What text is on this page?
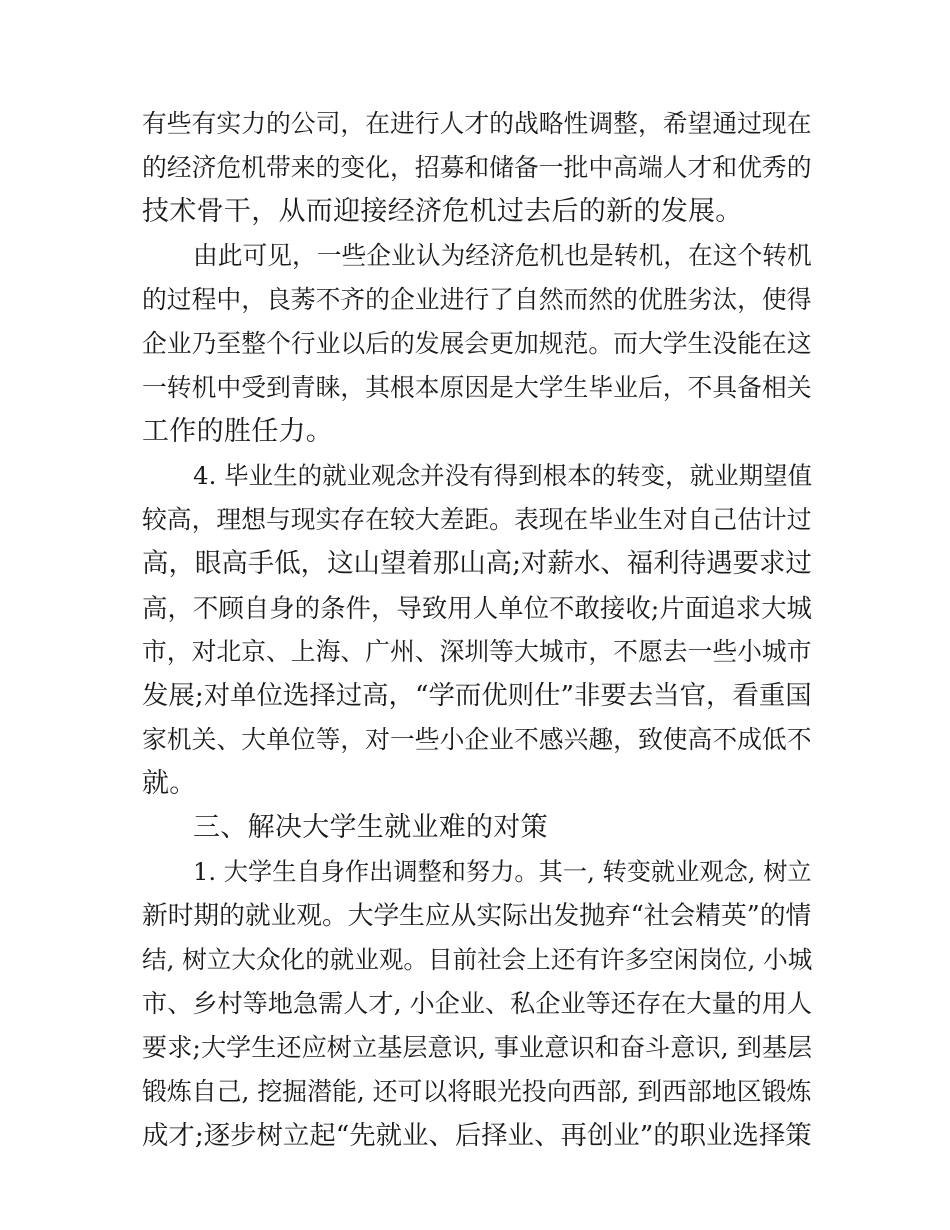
有些有实力的公司，在进行人才的战略性调整，希望通过现在
的经济危机带来的变化，招募和储备一批中高端人才和优秀的
技术骨干，从而迎接经济危机过去后的新的发展。
由此可见，一些企业认为经济危机也是转机，在这个转机
的过程中，良莠不齐的企业进行了自然而然的优胜劣汰，使得
企业乃至整个行业以后的发展会更加规范。而大学生没能在这
一转机中受到青睐，其根本原因是大学生毕业后，不具备相关
工作的胜任力。
4. 毕业生的就业观念并没有得到根本的转变，就业期望值
较高，理想与现实存在较大差距。表现在毕业生对自己估计过
高，眼高手低，这山望着那山高;对薪水、福利待遇要求过
高，不顾自身的条件，导致用人单位不敢接收;片面追求大城
市，对北京、上海、广州、深圳等大城市，不愿去一些小城市
发展;对单位选择过高，“学而优则仕”非要去当官，看重国
家机关、大单位等，对一些小企业不感兴趣，致使高不成低不
就。
三、解决大学生就业难的对策
1. 大学生自身作出调整和努力。其一, 转变就业观念, 树立
新时期的就业观。大学生应从实际出发抛弃“社会精英”的情
结, 树立大众化的就业观。目前社会上还有许多空闲岗位, 小城
市、乡村等地急需人才, 小企业、私企业等还存在大量的用人
要求;大学生还应树立基层意识, 事业意识和奋斗意识, 到基层
锻炼自己, 挖掘潜能, 还可以将眼光投向西部, 到西部地区锻炼
成才;逐步树立起“先就业、后择业、再创业”的职业选择策
